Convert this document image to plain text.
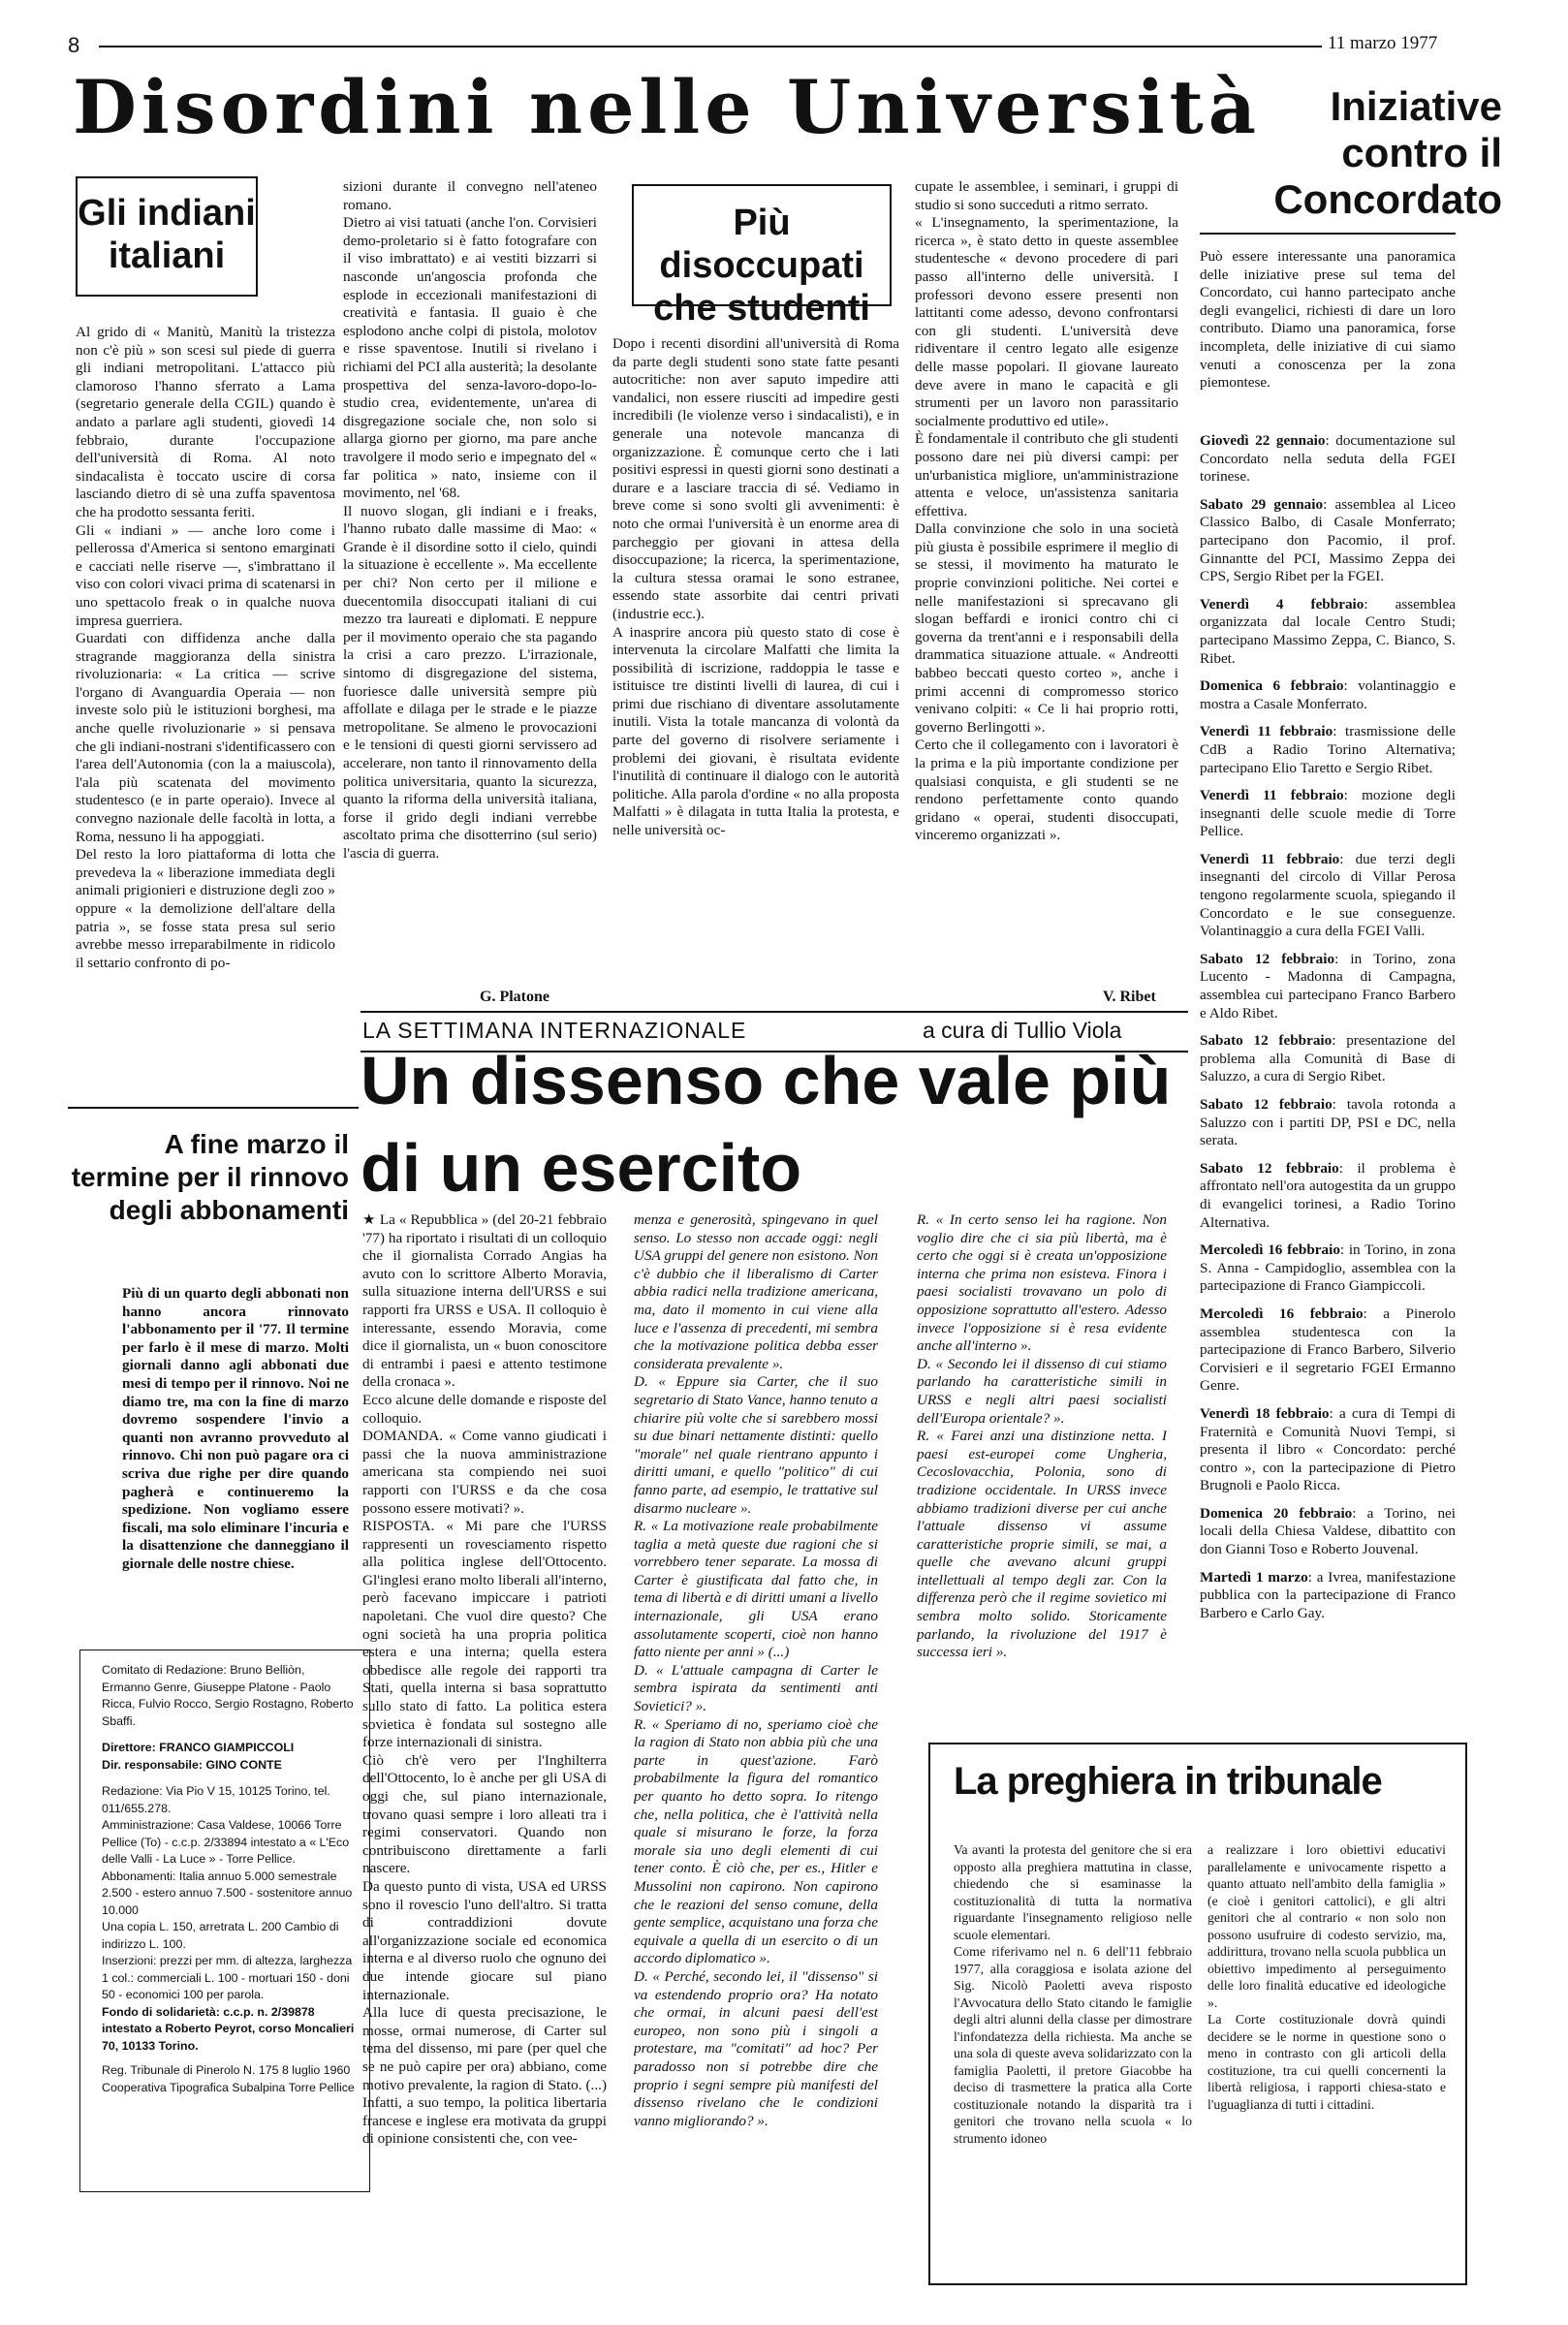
8	11 marzo 1977
Disordini nelle Università
Gli indiani italiani
Al grido di « Manitù, Manitù la tristezza non c'è più » son scesi sul piede di guerra gli indiani metropolitani. L'attacco più clamoroso l'hanno sferrato a Lama (segretario generale della CGIL) quando è andato a parlare agli studenti, giovedì 14 febbraio, durante l'occupazione dell'università di Roma. Al noto sindacalista è toccato uscire di corsa lasciando dietro di sè una zuffa spaventosa che ha prodotto sessanta feriti.
Gli « indiani » — anche loro come i pellerossa d'America si sentono emarginati e cacciati nelle riserve —, s'imbrattano il viso con colori vivaci prima di scatenarsi in uno spettacolo freak o in qualche nuova impresa guerriera.
Guardati con diffidenza anche dalla stragrande maggioranza della sinistra rivoluzionaria: « La critica — scrive l'organo di Avanguardia Operaia — non investe solo più le istituzioni borghesi, ma anche quelle rivoluzionarie » si pensava che gli indiani-nostrani s'identificassero con l'area dell'Autonomia (con la a maiuscola), l'ala più scatenata del movimento studentesco (e in parte operaio). Invece al convegno nazionale delle facoltà in lotta, a Roma, nessuno li ha appoggiati.
Del resto la loro piattaforma di lotta che prevedeva la « liberazione immediata degli animali prigionieri e distruzione degli zoo » oppure « la demolizione dell'altare della patria », se fosse stata presa sul serio avrebbe messo irreparabilmente in ridicolo il settario confronto di po-
sizioni durante il convegno nell'ateneo romano.
Dietro ai visi tatuati (anche l'on. Corvisieri demo-proletario si è fatto fotografare con il viso imbrattato) e ai vestiti bizzarri si nasconde un'angoscia profonda che esplode in eccezionali manifestazioni di creatività e fantasia. Il guaio è che esplodono anche colpi di pistola, molotov e risse spaventose. Inutili si rivelano i richiami del PCI alla austerità; la desolante prospettiva del senza-lavoro-dopo-lo-studio crea, evidentemente, un'area di disgregazione sociale che, non solo si allarga giorno per giorno, ma pare anche travolgere il modo serio e impegnato del « far politica » nato, insieme con il movimento, nel '68.
Il nuovo slogan, gli indiani e i freaks, l'hanno rubato dalle massime di Mao: « Grande è il disordine sotto il cielo, quindi la situazione è eccellente ». Ma eccellente per chi? Non certo per il milione e duecentomila disoccupati italiani di cui mezzo tra laureati e diplomati. E neppure per il movimento operaio che sta pagando la crisi a caro prezzo. L'irrazionale, sintomo di disgregazione del sistema, fuoriesce dalle università sempre più affollate e dilaga per le strade e le piazze metropolitane. Se almeno le provocazioni e le tensioni di questi giorni servissero ad accelerare, non tanto il rinnovamento della politica universitaria, quanto la sicurezza, quanto la riforma della università italiana, forse il grido degli indiani verrebbe ascoltato prima che disotterrino (sul serio) l'ascia di guerra.
G. Platone
Più disoccupati che studenti
Dopo i recenti disordini all'università di Roma da parte degli studenti sono state fatte pesanti autocritiche: non aver saputo impedire atti vandalici, non essere riusciti ad impedire gesti incredibili (le violenze verso i sindacalisti), e in generale una notevole mancanza di organizzazione. È comunque certo che i lati positivi espressi in questi giorni sono destinati a durare e a lasciare traccia di sé. Vediamo in breve come si sono svolti gli avvenimenti: è noto che ormai l'università è un enorme area di parcheggio per giovani in attesa della disoccupazione; la ricerca, la sperimentazione, la cultura stessa oramai le sono estranee, essendo state assorbite dai centri privati (industrie ecc.).
A inasprire ancora più questo stato di cose è intervenuta la circolare Malfatti che limita la possibilità di iscrizione, raddoppia le tasse e istituisce tre distinti livelli di laurea, di cui i primi due rischiano di diventare assolutamente inutili. Vista la totale mancanza di volontà da parte del governo di risolvere seriamente i problemi dei giovani, è risultata evidente l'inutilità di continuare il dialogo con le autorità politiche. Alla parola d'ordine « no alla proposta Malfatti » è dilagata in tutta Italia la protesta, e nelle università oc-
cupate le assemblee, i seminari, i gruppi di studio si sono succeduti a ritmo serrato.
« L'insegnamento, la sperimentazione, la ricerca », è stato detto in queste assemblee studentesche « devono procedere di pari passo all'interno delle università. I professori devono essere presenti non lattitanti come adesso, devono confrontarsi con gli studenti. L'università deve ridiventare il centro legato alle esigenze delle masse popolari. Il giovane laureato deve avere in mano le capacità e gli strumenti per un lavoro non parassitario socialmente produttivo ed utile».
È fondamentale il contributo che gli studenti possono dare nei più diversi campi: per un'urbanistica migliore, un'amministrazione attenta e veloce, un'assistenza sanitaria effettiva.
Dalla convinzione che solo in una società più giusta è possibile esprimere il meglio di se stessi, il movimento ha maturato le proprie convinzioni politiche. Nei cortei e nelle manifestazioni si sprecavano gli slogan beffardi e ironici contro chi ci governa da trent'anni e i responsabili della drammatica situazione attuale. « Andreotti babbeo beccati questo corteo », anche i primi accenni di compromesso storico venivano colpiti: « Ce li hai proprio rotti, governo Berlingotti ».
Certo che il collegamento con i lavoratori è la prima e la più importante condizione per qualsiasi conquista, e gli studenti se ne rendono perfettamente conto quando gridano « operai, studenti disoccupati, vinceremo organizzati ».
V. Ribet
Iniziative contro il Concordato
Può essere interessante una panoramica delle iniziative prese sul tema del Concordato, cui hanno partecipato anche degli evangelici, richiesti di dare un loro contributo. Diamo una panoramica, forse incompleta, delle iniziative di cui siamo venuti a conoscenza per la zona piemontese.
Giovedì 22 gennaio: documentazione sul Concordato nella seduta della FGEI torinese.
Sabato 29 gennaio: assemblea al Liceo Classico Balbo, di Casale Monferrato; partecipano don Pacomio, il prof. Ginnantte del PCI, Massimo Zeppa dei CPS, Sergio Ribet per la FGEI.
Venerdì 4 febbraio: assemblea organizzata dal locale Centro Studi; partecipano Massimo Zeppa, C. Bianco, S. Ribet.
Domenica 6 febbraio: volantinaggio e mostra a Casale Monferrato.
Venerdì 11 febbraio: trasmissione delle CdB a Radio Torino Alternativa; partecipano Elio Taretto e Sergio Ribet.
Venerdì 11 febbraio: mozione degli insegnanti delle scuole medie di Torre Pellice.
Venerdì 11 febbraio: due terzi degli insegnanti del circolo di Villar Perosa tengono regolarmente scuola, spiegando il Concordato e le sue conseguenze. Volantinaggio a cura della FGEI Valli.
Sabato 12 febbraio: in Torino, zona Lucento - Madonna di Campagna, assemblea cui partecipano Franco Barbero e Aldo Ribet.
Sabato 12 febbraio: presentazione del problema alla Comunità di Base di Saluzzo, a cura di Sergio Ribet.
Sabato 12 febbraio: tavola rotonda a Saluzzo con i partiti DP, PSI e DC, nella serata.
Sabato 12 febbraio: il problema è affrontato nell'ora autogestita da un gruppo di evangelici torinesi, a Radio Torino Alternativa.
Mercoledì 16 febbraio: in Torino, in zona S. Anna - Campidoglio, assemblea con la partecipazione di Franco Giampiccoli.
Mercoledì 16 febbraio: a Pinerolo assemblea studentesca con la partecipazione di Franco Barbero, Silverio Corvisieri e il segretario FGEI Ermanno Genre.
Venerdì 18 febbraio: a cura di Tempi di Fraternità e Comunità Nuovi Tempi, si presenta il libro « Concordato: perché contro », con la partecipazione di Pietro Brugnoli e Paolo Ricca.
Domenica 20 febbraio: a Torino, nei locali della Chiesa Valdese, dibattito con don Gianni Toso e Roberto Jouvenal.
Martedì 1 marzo: a Ivrea, manifestazione pubblica con la partecipazione di Franco Barbero e Carlo Gay.
A fine marzo il termine per il rinnovo degli abbonamenti
Più di un quarto degli abbonati non hanno ancora rinnovato l'abbonamento per il '77. Il termine per farlo è il mese di marzo. Molti giornali danno agli abbonati due mesi di tempo per il rinnovo. Noi ne diamo tre, ma con la fine di marzo dovremo sospendere l'invio a quanti non avranno provveduto al rinnovo. Chi non può pagare ora ci scriva due righe per dire quando pagherà e continueremo la spedizione. Non vogliamo essere fiscali, ma solo eliminare l'incuria e la disattenzione che danneggiano il giornale delle nostre chiese.
Comitato di Redazione: Bruno Belliòn, Ermanno Genre, Giuseppe Platone - Paolo Ricca, Fulvio Rocco, Sergio Rostagno, Roberto Sbaffi.
Direttore: FRANCO GIAMPICCOLI
Dir. responsabile: GINO CONTE
Redazione: Via Pio V 15, 10125 Torino, tel. 011/655.278.
Amministrazione: Casa Valdese, 10066 Torre Pellice (To) - c.c.p. 2/33894 intestato a « L'Eco delle Valli - La Luce » - Torre Pellice.
Abbonamenti: Italia annuo 5.000 semestrale 2.500 - estero annuo 7.500 - sostenitore annuo 10.000
Una copia L. 150, arretrata L. 200 Cambio di indirizzo L. 100.
Inserzioni: prezzi per mm. di altezza, larghezza 1 col.: commerciali L. 100 - mortuari 150 - doni 50 - economici 100 per parola.
Fondo di solidarietà: c.c.p. n. 2/39878 intestato a Roberto Peyrot, corso Moncalieri 70, 10133 Torino.
Reg. Tribunale di Pinerolo N. 175 8 luglio 1960
Cooperativa Tipografica Subalpina Torre Pellice
LA SETTIMANA INTERNAZIONALE	a cura di Tullio Viola
Un dissenso che vale più di un esercito
★ La « Repubblica » (del 20-21 febbraio '77) ha riportato i risultati di un colloquio che il giornalista Corrado Angias ha avuto con lo scrittore Alberto Moravia, sulla situazione interna dell'URSS e sui rapporti fra URSS e USA. Il colloquio è interessante, essendo Moravia, come dice il giornalista, un « buon conoscitore di entrambi i paesi e attento testimone della cronaca ».
Ecco alcune delle domande e risposte del colloquio.
DOMANDA. « Come vanno giudicati i passi che la nuova amministrazione americana sta compiendo nei suoi rapporti con l'URSS e da che cosa possono essere motivati? ».
RISPOSTA. « Mi pare che l'URSS rappresenti un rovesciamento rispetto alla politica inglese dell'Ottocento. Gl'inglesi erano molto liberali all'interno, però facevano impiccare i patrioti napoletani. Che vuol dire questo? Che ogni società ha una propria politica estera e una interna; quella estera obbedisce alle regole dei rapporti tra Stati, quella interna si basa soprattutto sullo stato di fatto. La politica estera sovietica è fondata sul sostegno alle forze internazionali di sinistra.
Ciò ch'è vero per l'Inghilterra dell'Ottocento, lo è anche per gli USA di oggi che, sul piano internazionale, trovano quasi sempre i loro alleati tra i regimi conservatori. Quando non contribuiscono direttamente a farli nascere.
Da questo punto di vista, USA ed URSS sono il rovescio l'uno dell'altro. Si tratta di contraddizioni dovute all'organizzazione sociale ed economica interna e al diverso ruolo che ognuno dei due intende giocare sul piano internazionale.
Alla luce di questa precisazione, le mosse, ormai numerose, di Carter sul tema del dissenso, mi pare (per quel che se ne può capire per ora) abbiano, come motivo prevalente, la ragion di Stato. (...) Infatti, a suo tempo, la politica libertaria francese e inglese era motivata da gruppi di opinione consistenti che, con vee-
menza e generosità, spingevano in quel senso. Lo stesso non accade oggi: negli USA gruppi del genere non esistono. Non c'è dubbio che il liberalismo di Carter abbia radici nella tradizione americana, ma, dato il momento in cui viene alla luce e l'assenza di precedenti, mi sembra che la motivazione politica debba esser considerata prevalente ».
D. « Eppure sia Carter, che il suo segretario di Stato Vance, hanno tenuto a chiarire più volte che si sarebbero mossi su due binari nettamente distinti: quello "morale" nel quale rientrano appunto i diritti umani, e quello "politico" di cui fanno parte, ad esempio, le trattative sul disarmo nucleare ».
R. « La motivazione reale probabilmente taglia a metà queste due ragioni che si vorrebbero tener separate. La mossa di Carter è giustificata dal fatto che, in tema di libertà e di diritti umani a livello internazionale, gli USA erano assolutamente scoperti, cioè non hanno fatto niente per anni » (...)
D. « L'attuale campagna di Carter le sembra ispirata da sentimenti anti Sovietici? ».
R. « Speriamo di no, speriamo cioè che la ragion di Stato non abbia più che una parte in quest'azione. Farò probabilmente la figura del romantico per quanto ho detto sopra. Io ritengo che, nella politica, che è l'attività nella quale si misurano le forze, la forza morale sia uno degli elementi di cui tener conto. È ciò che, per es., Hitler e Mussolini non capirono. Non capirono che le reazioni del senso comune, della gente semplice, acquistano una forza che equivale a quella di un esercito o di un accordo diplomatico ».
D. « Perché, secondo lei, il "dissenso" si va estendendo proprio ora? Ha notato che ormai, in alcuni paesi dell'est europeo, non sono più i singoli a protestare, ma "comitati" ad hoc? Per paradosso non si potrebbe dire che proprio i segni sempre più manifesti del dissenso rivelano che le condizioni vanno migliorando? ».
R. « In certo senso lei ha ragione. Non voglio dire che ci sia più libertà, ma è certo che oggi si è creata un'opposizione interna che prima non esisteva. Finora i paesi socialisti trovavano un polo di opposizione soprattutto all'estero. Adesso invece l'opposizione si è resa evidente anche all'interno ».
D. « Secondo lei il dissenso di cui stiamo parlando ha caratteristiche simili in URSS e negli altri paesi socialisti dell'Europa orientale? ».
R. « Farei anzi una distinzione netta. I paesi est-europei come Ungheria, Cecoslovacchia, Polonia, sono di tradizione occidentale. In URSS invece abbiamo tradizioni diverse per cui anche l'attuale dissenso vi assume caratteristiche proprie simili, se mai, a quelle che avevano alcuni gruppi intellettuali al tempo degli zar. Con la differenza però che il regime sovietico mi sembra molto solido. Storicamente parlando, la rivoluzione del 1917 è successa ieri ».
La preghiera in tribunale
Va avanti la protesta del genitore che si era opposto alla preghiera mattutina in classe, chiedendo che si esaminasse la costituzionalità di tutta la normativa riguardante l'insegnamento religioso nelle scuole elementari.
Come riferivamo nel n. 6 dell'11 febbraio 1977, alla coraggiosa e isolata azione del Sig. Nicolò Paoletti aveva risposto l'Avvocatura dello Stato citando le famiglie degli altri alunni della classe per dimostrare l'infondatezza della richiesta. Ma anche se una sola di queste aveva solidarizzato con la famiglia Paoletti, il pretore Giacobbe ha deciso di trasmettere la pratica alla Corte costituzionale notando la disparità tra i genitori che trovano nella scuola « lo strumento idoneo
a realizzare i loro obiettivi educativi parallelamente e univocamente rispetto a quanto attuato nell'ambito della famiglia » (e cioè i genitori cattolici), e gli altri genitori che al contrario « non solo non possono usufruire di codesto servizio, ma, addirittura, trovano nella scuola pubblica un obiettivo impedimento al perseguimento delle loro finalità educative ed ideologiche ».
La Corte costituzionale dovrà quindi decidere se le norme in questione sono o meno in contrasto con gli articoli della costituzione, tra cui quelli concernenti la libertà religiosa, i rapporti chiesa-stato e l'uguaglianza di tutti i cittadini.
